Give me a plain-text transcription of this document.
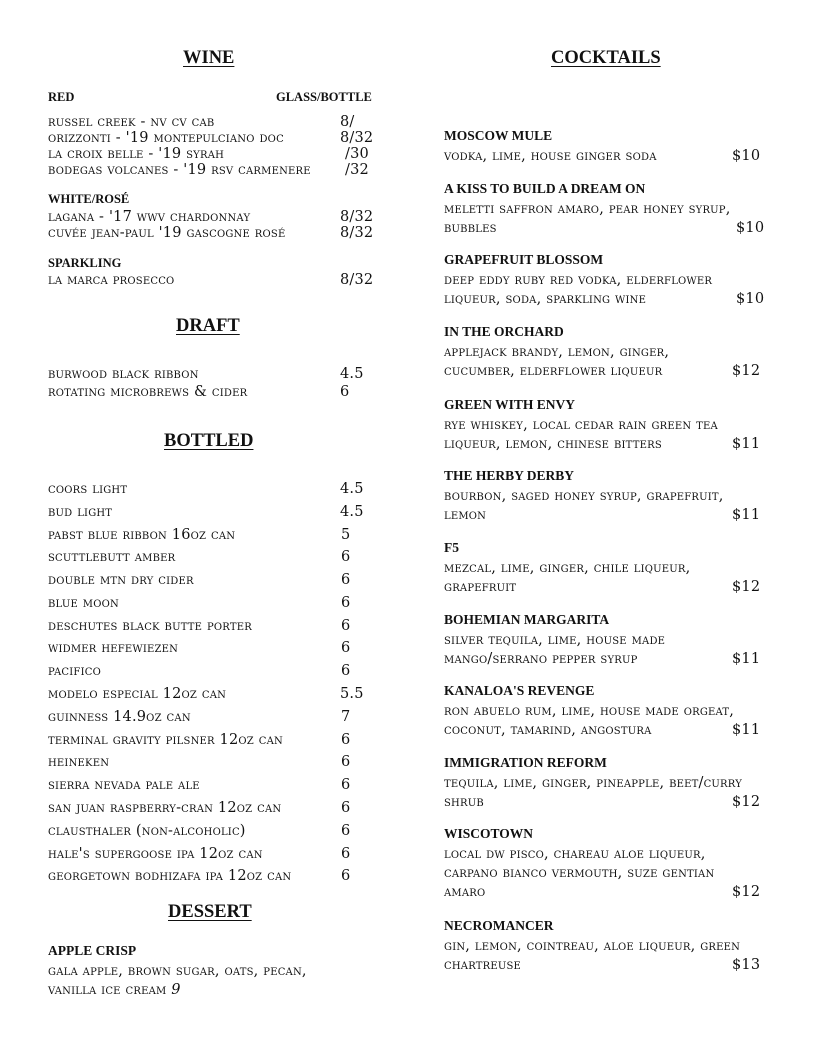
WINE
RED	GLASS/BOTTLE
russel creek - nv cv cab	8/
orizzonti - '19 montepulciano doc	8/32
la croix belle - '19 syrah	/30
bodegas volcanes - '19 rsv carmenere /32
WHITE/ROSÉ
lagana - '17 wwv chardonnay	8/32
cuvée jean-paul '19 gascogne rosé	8/32
SPARKLING
la marca prosecco	8/32
DRAFT
burwood black ribbon	4.5
rotating microbrews & cider	6
BOTTLED
coors light	4.5
bud light	4.5
pabst blue ribbon 16oz can	5
scuttlebutt amber	6
double mtn dry cider	6
blue moon	6
deschutes black butte porter	6
widmer hefewiezen	6
pacifico	6
modelo especial 12oz can	5.5
guinness 14.9oz can	7
terminal gravity pilsner 12oz can	6
heineken	6
sierra nevada pale ale	6
san juan raspberry-cran 12oz can	6
clausthaler (non-alcoholic)	6
hale's supergoose ipa 12oz can	6
georgetown bodhizafa ipa 12oz can	6
DESSERT
APPLE CRISP
gala apple, brown sugar, oats, pecan,
vanilla ice cream 9
COCKTAILS
MOSCOW MULE
vodka, lime, house ginger soda	$10
A KISS TO BUILD A DREAM ON
meletti saffron amaro, pear honey syrup,
bubbles	$10
GRAPEFRUIT BLOSSOM
deep eddy ruby red vodka, elderflower
liqueur, soda, sparkling wine	$10
IN THE ORCHARD
applejack brandy, lemon, ginger,
cucumber, elderflower liqueur	$12
GREEN WITH ENVY
rye whiskey, local cedar rain green tea
liqueur, lemon, chinese bitters	$11
THE HERBY DERBY
bourbon, saged honey syrup, grapefruit,
lemon	$11
F5
mezcal, lime, ginger, chile liqueur,
grapefruit	$12
BOHEMIAN MARGARITA
silver tequila, lime, house made
mango/serrano pepper syrup	$11
KANALOA'S REVENGE
ron abuelo rum, lime, house made orgeat,
coconut, tamarind, angostura	$11
IMMIGRATION REFORM
tequila, lime, ginger, pineapple, beet/curry
shrub	$12
WISCOTOWN
local dw pisco, chareau aloe liqueur,
carpano bianco vermouth, suze gentian
amaro	$12
NECROMANCER
gin, lemon, cointreau, aloe liqueur, green
chartreuse	$13
